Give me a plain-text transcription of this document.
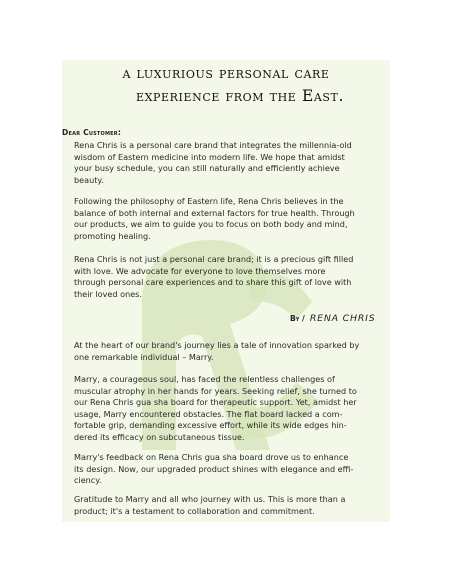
a luxurious personal care
experience from the East.

Dear Customer:

Rena Chris is a personal care brand that integrates the millennia-old
wisdom of Eastern medicine into modern life. We hope that amidst
your busy schedule, you can still naturally and efficiently achieve
beauty.

Following the philosophy of Eastern life, Rena Chris believes in the
balance of both internal and external factors for true health. Through
our products, we aim to guide you to focus on both body and mind,
promoting healing.

Rena Chris is not just a personal care brand; it is a precious gift filled
with love. We advocate for everyone to love themselves more
through personal care experiences and to share this gift of love with
their loved ones.

By / RENA CHRIS

At the heart of our brand's journey lies a tale of innovation sparked by
one remarkable individual – Marry.

Marry, a courageous soul, has faced the relentless challenges of
muscular atrophy in her hands for years. Seeking relief, she turned to
our Rena Chris gua sha board for therapeutic support. Yet, amidst her
usage, Marry encountered obstacles. The flat board lacked a com-
fortable grip, demanding excessive effort, while its wide edges hin-
dered its efficacy on subcutaneous tissue.

Marry's feedback on Rena Chris gua sha board drove us to enhance
its design. Now, our upgraded product shines with elegance and effi-
ciency.

Gratitude to Marry and all who journey with us. This is more than a
product; it's a testament to collaboration and commitment.
